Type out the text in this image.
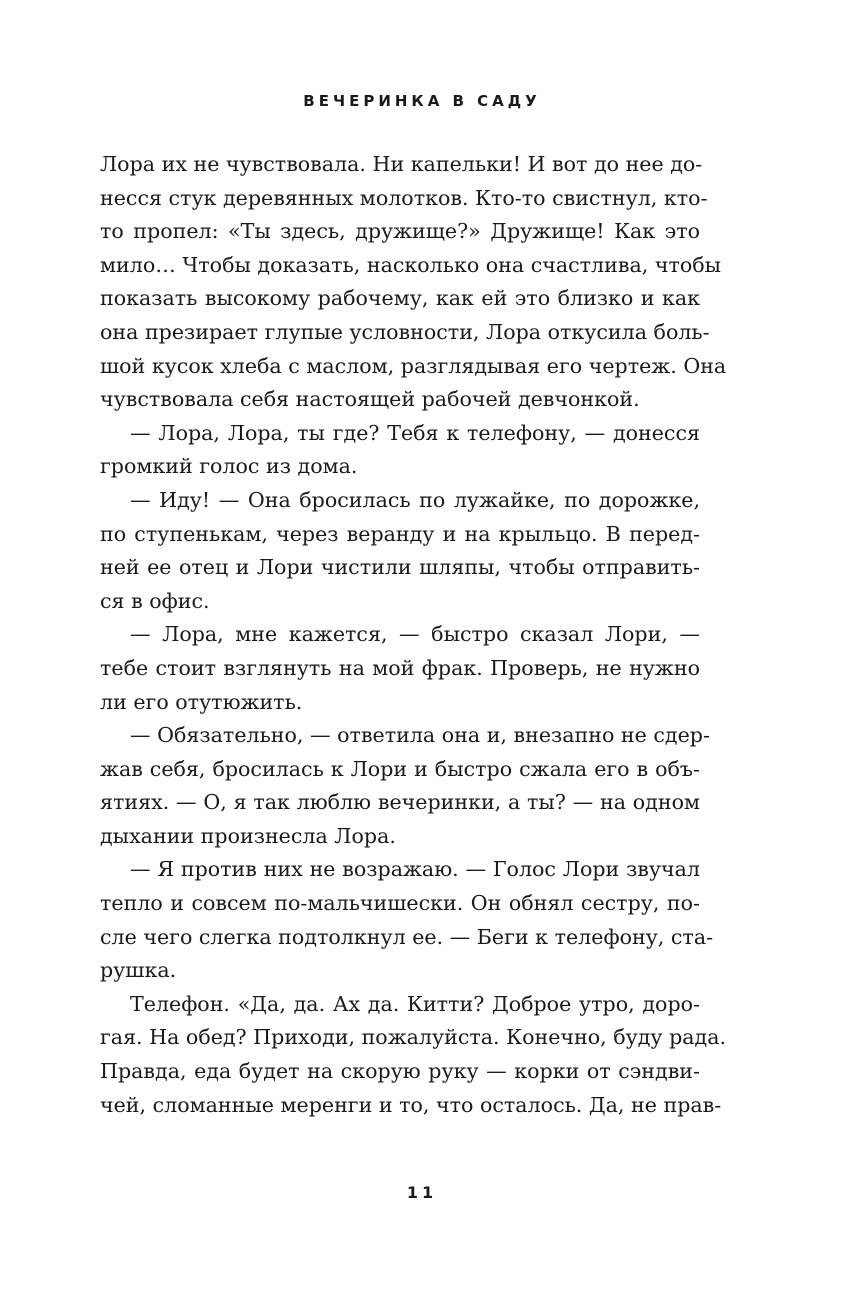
ВЕЧЕРИНКА В САДУ
Лора их не чувствовала. Ни капельки! И вот до нее до-
несся стук деревянных молотков. Кто-то свистнул, кто-
то пропел: «Ты здесь, дружище?» Дружище! Как это
мило… Чтобы доказать, насколько она счастлива, чтобы
показать высокому рабочему, как ей это близко и как
она презирает глупые условности, Лора откусила боль-
шой кусок хлеба с маслом, разглядывая его чертеж. Она
чувствовала себя настоящей рабочей девчонкой.
— Лора, Лора, ты где? Тебя к телефону, — донесся
громкий голос из дома.
— Иду! — Она бросилась по лужайке, по дорожке,
по ступенькам, через веранду и на крыльцо. В перед-
ней ее отец и Лори чистили шляпы, чтобы отправить-
ся в офис.
— Лора, мне кажется, — быстро сказал Лори, —
тебе стоит взглянуть на мой фрак. Проверь, не нужно
ли его отутюжить.
— Обязательно, — ответила она и, внезапно не сдер-
жав себя, бросилась к Лори и быстро сжала его в объ-
ятиях. — О, я так люблю вечеринки, а ты? — на одном
дыхании произнесла Лора.
— Я против них не возражаю. — Голос Лори звучал
тепло и совсем по-мальчишески. Он обнял сестру, по-
сле чего слегка подтолкнул ее. — Беги к телефону, ста-
рушка.
Телефон. «Да, да. Ах да. Китти? Доброе утро, доро-
гая. На обед? Приходи, пожалуйста. Конечно, буду рада.
Правда, еда будет на скорую руку — корки от сэндви-
чей, сломанные меренги и то, что осталось. Да, не прав-
11
